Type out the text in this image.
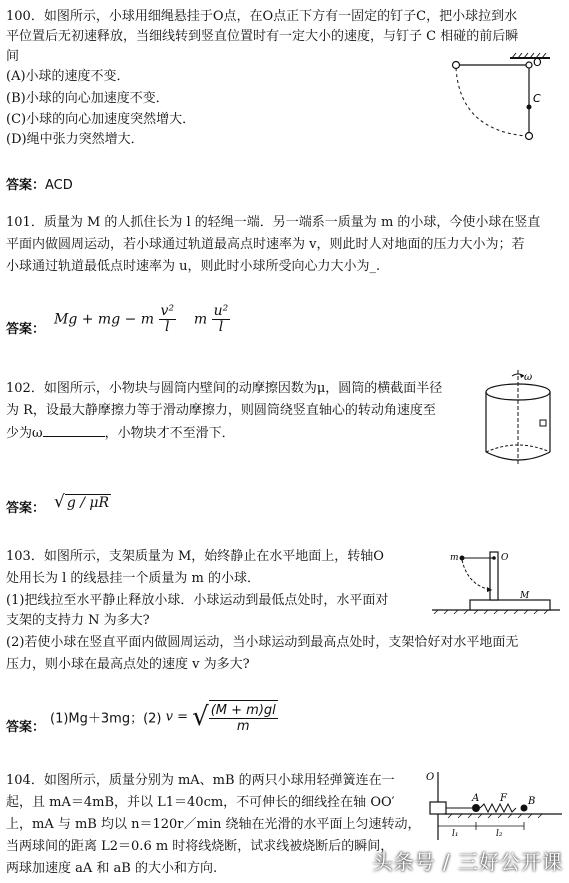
100．如图所示，小球用细绳悬挂于O点，在O点正下方有一固定的钉子C，把小球拉到水
平位置后无初速释放，当细线转到竖直位置时有一定大小的速度，与钉子 C 相碰的前后瞬
间
(A)小球的速度不变．
(B)小球的向心加速度不变．
(C)小球的向心加速度突然增大．
(D)绳中张力突然增大．
O
C
答案：ACD
101．质量为 M 的人抓住长为 l 的轻绳一端．另一端系一质量为 m 的小球，今使小球在竖直
平面内做圆周运动，若小球通过轨道最高点时速率为 v，则此时人对地面的压力大小为；若
小球通过轨道最低点时速率为 u，则此时小球所受向心力大小为_.
答案：
Mg + mg − m $\frac{\text{v²}}{l}$ m $\frac{\text{u²}}{l}$
102．如图所示，小物块与圆筒内壁间的动摩擦因数为μ，圆筒的横截面半径
为 R，设最大静摩擦力等于滑动摩擦力，则圆筒绕竖直轴心的转动角速度至
少为ω	，小物块才不至滑下．
ω
答案： √ g / μR
103．如图所示，支架质量为 M，始终静止在水平地面上，转轴O
处用长为 l 的线悬挂一个质量为 m 的小球．
(1)把线拉至水平静止释放小球．小球运动到最低点处时，水平面对
支架的支持力 N 为多大?
(2)若使小球在竖直平面内做圆周运动，当小球运动到最高点处时，支架恰好对水平地面无
压力，则小球在最高点处的速度 v 为多大?
m	O
M
答案：
(1)Mg＋3mg；(2) v = √ $\frac{(M + m)gl}{m}$
104．如图所示，质量分别为 mA、mB 的两只小球用轻弹簧连在一
起，且 mA＝4mB，并以 L1＝40cm，不可伸长的细线拴在轴 OO′
上，mA 与 mB 均以 n＝120r／min 绕轴在光滑的水平面上匀速转动，
当两球间的距离 L2＝0.6 m 时将线烧断，试求线被烧断后的瞬间，
两球加速度 aA 和 aB 的大小和方向.
O
A F B
l₁	l₂
头条号 / 三好公开课
